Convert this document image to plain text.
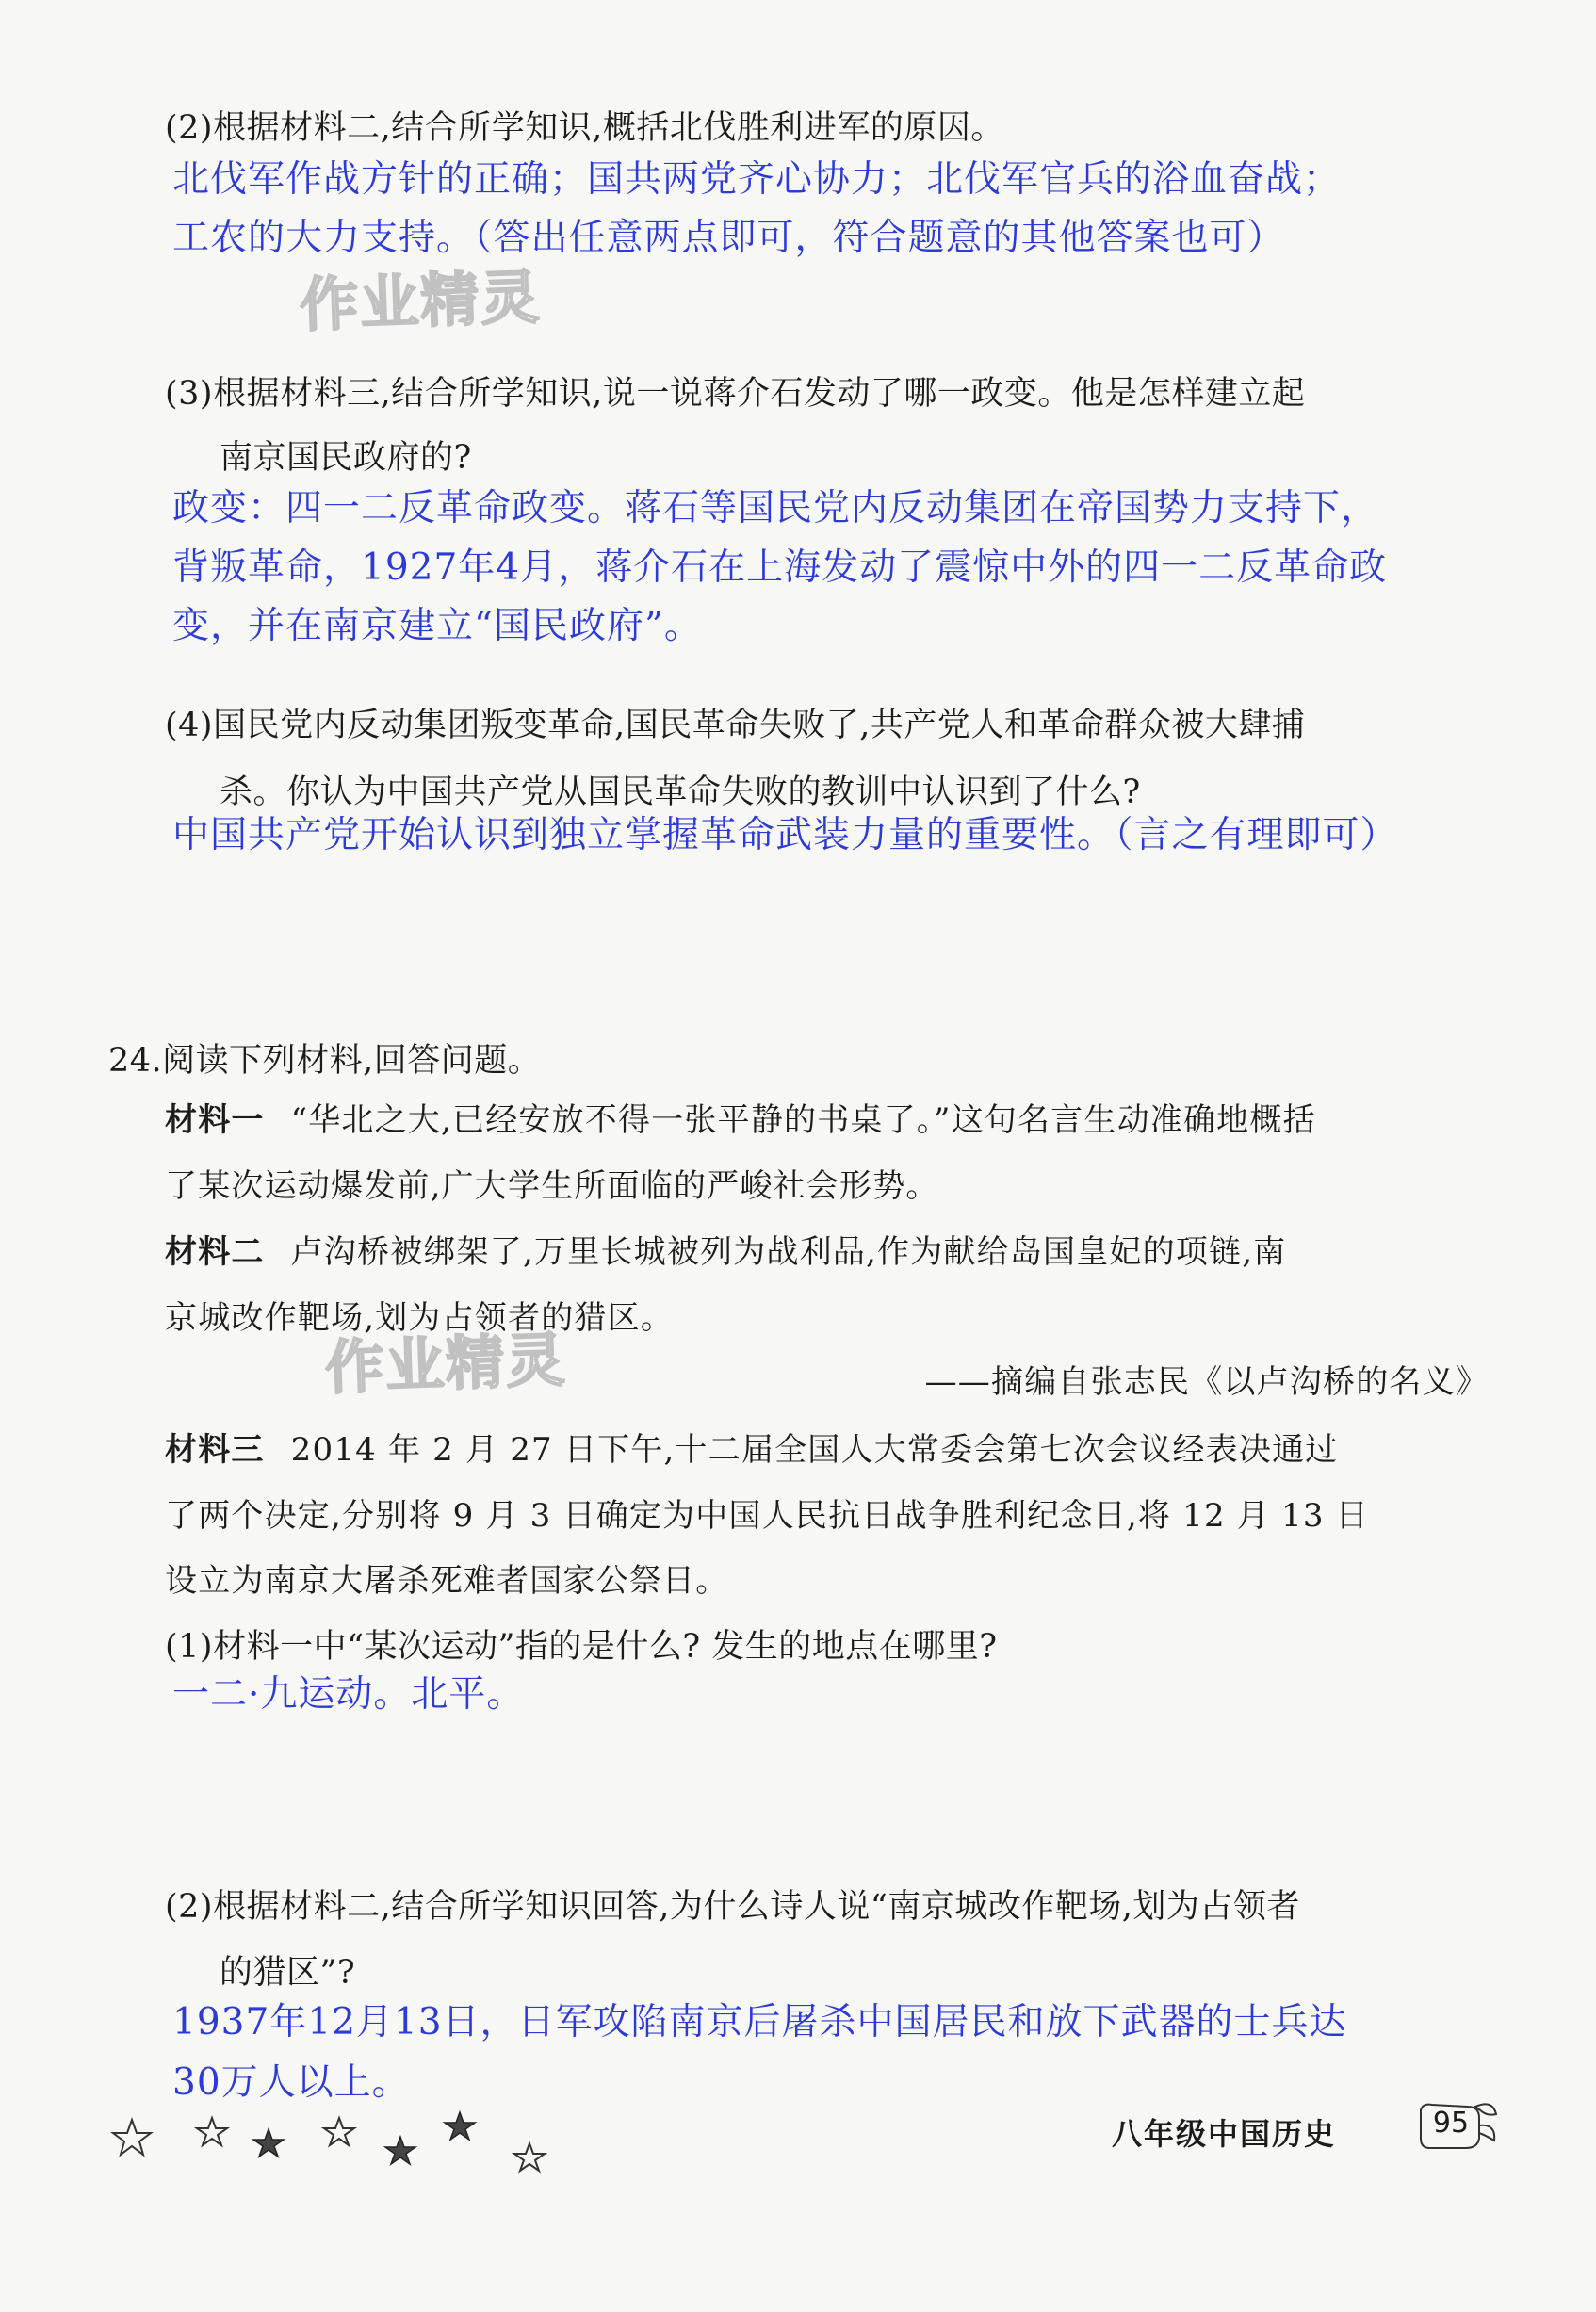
(2)根据材料二,结合所学知识,概括北伐胜利进军的原因。
北伐军作战方针的正确；国共两党齐心协力；北伐军官兵的浴血奋战；
工农的大力支持。（答出任意两点即可，符合题意的其他答案也可）
作业精灵
(3)根据材料三,结合所学知识,说一说蒋介石发动了哪一政变。他是怎样建立起
南京国民政府的?
政变：四一二反革命政变。蒋石等国民党内反动集团在帝国势力支持下，
背叛革命，1927年4月，蒋介石在上海发动了震惊中外的四一二反革命政
变，并在南京建立“国民政府”。
(4)国民党内反动集团叛变革命,国民革命失败了,共产党人和革命群众被大肆捕
杀。你认为中国共产党从国民革命失败的教训中认识到了什么?
中国共产党开始认识到独立掌握革命武装力量的重要性。（言之有理即可）
24.阅读下列材料,回答问题。
材料一 “华北之大,已经安放不得一张平静的书桌了。”这句名言生动准确地概括
了某次运动爆发前,广大学生所面临的严峻社会形势。
材料二 卢沟桥被绑架了,万里长城被列为战利品,作为献给岛国皇妃的项链,南
京城改作靶场,划为占领者的猎区。
作业精灵	——摘编自张志民《以卢沟桥的名义》
材料三 2014 年 2 月 27 日下午,十二届全国人大常委会第七次会议经表决通过
了两个决定,分别将 9 月 3 日确定为中国人民抗日战争胜利纪念日,将 12 月 13 日
设立为南京大屠杀死难者国家公祭日。
(1)材料一中“某次运动”指的是什么? 发生的地点在哪里?
一二·九运动。北平。
(2)根据材料二,结合所学知识回答,为什么诗人说“南京城改作靶场,划为占领者
的猎区”?
1937年12月13日，日军攻陷南京后屠杀中国居民和放下武器的士兵达
30万人以上。
八年级中国历史	95
